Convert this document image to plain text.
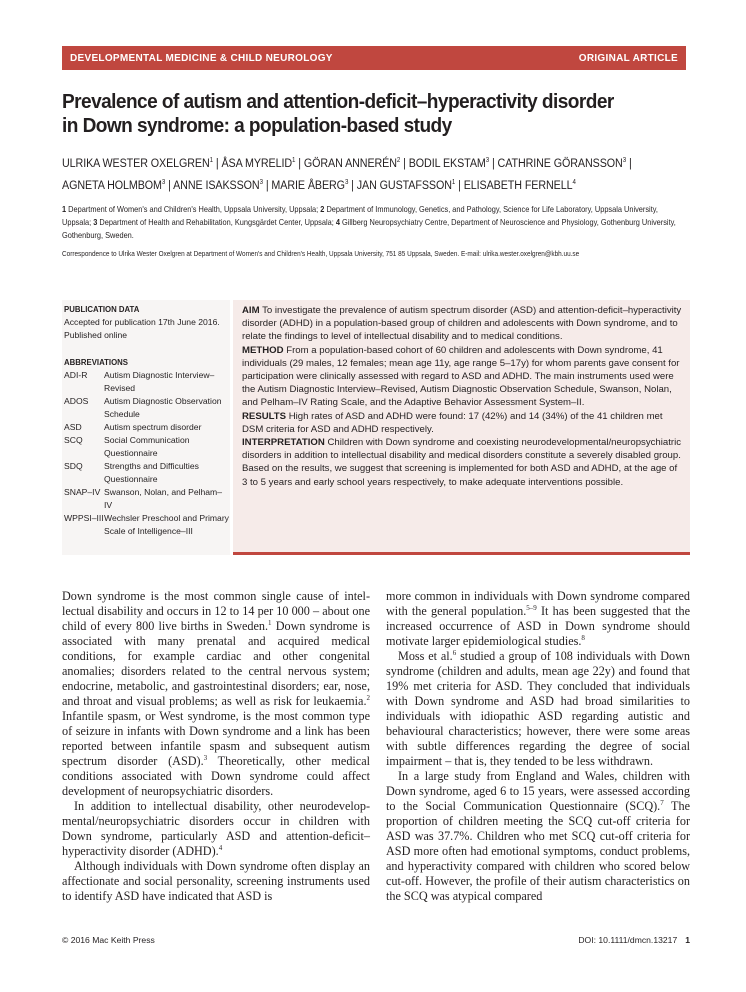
DEVELOPMENTAL MEDICINE & CHILD NEUROLOGY	ORIGINAL ARTICLE
Prevalence of autism and attention-deficit–hyperactivity disorder
in Down syndrome: a population-based study
ULRIKA WESTER OXELGREN$^1$ | ÅSA MYRELID$^1$ | GÖRAN ANNERÉN$^2$ | BODIL EKSTAM$^3$ | CATHRINE GÖRANSSON$^3$ |
AGNETA HOLMBOM$^3$ | ANNE ISAKSSON$^3$ | MARIE ÅBERG$^3$ | JAN GUSTAFSSON$^1$ | ELISABETH FERNELL$^4$
1 Department of Women's and Children's Health, Uppsala University, Uppsala; 2 Department of Immunology, Genetics, and Pathology, Science for Life Laboratory, Uppsala University, Uppsala; 3 Department of Health and Rehabilitation, Kungsgärdet Center, Uppsala; 4 Gillberg Neuropsychiatry Centre, Department of Neuroscience and Physiology, Gothenburg University, Gothenburg, Sweden.
Correspondence to Ulrika Wester Oxelgren at Department of Women's and Children's Health, Uppsala University, 751 85 Uppsala, Sweden. E-mail: ulrika.wester.oxelgren@kbh.uu.se
PUBLICATION DATA
Accepted for publication 17th June 2016.
Published online
ABBREVIATIONS
ADI-R	Autism Diagnostic Interview–Revised
ADOS	Autism Diagnostic Observation Schedule
ASD	Autism spectrum disorder
SCQ	Social Communication Questionnaire
SDQ	Strengths and Difficulties Questionnaire
SNAP–IV Swanson, Nolan, and Pelham–IV
WPPSI–III Wechsler Preschool and Primary Scale of Intelligence–III

AIM To investigate the prevalence of autism spectrum disorder (ASD) and attention-deficit–hyperactivity disorder (ADHD) in a population-based group of children and adolescents with Down syndrome, and to relate the findings to level of intellectual disability and to medical conditions.

METHOD From a population-based cohort of 60 children and adolescents with Down syndrome, 41 individuals (29 males, 12 females; mean age 11y, age range 5–17y) for whom parents gave consent for participation were clinically assessed with regard to ASD and ADHD. The main instruments used were the Autism Diagnostic Interview–Revised, Autism Diagnostic Observation Schedule, Swanson, Nolan, and Pelham–IV Rating Scale, and the Adaptive Behavior Assessment System–II.

RESULTS High rates of ASD and ADHD were found: 17 (42%) and 14 (34%) of the 41 children met DSM criteria for ASD and ADHD respectively.

INTERPRETATION Children with Down syndrome and coexisting neurodevelopmental/neuropsychiatric disorders in addition to intellectual disability and medical disorders constitute a severely disabled group. Based on the results, we suggest that screening is implemented for both ASD and ADHD, at the age of 3 to 5 years and early school years respectively, to make adequate interventions possible.

Down syndrome is the most common single cause of intellectual disability and occurs in 12 to 14 per 10 000 – about one child of every 800 live births in Sweden.$^1$ Down syndrome is associated with many prenatal and acquired medical conditions, for example cardiac and other congenital anomalies; disorders related to the central nervous system; endocrine, metabolic, and gastrointestinal disorders; ear, nose, and throat and visual problems; as well as risk for leukaemia.$^2$ Infantile spasm, or West syndrome, is the most common type of seizure in infants with Down syndrome and a link has been reported between infantile spasm and subsequent autism spectrum disorder (ASD).$^3$ Theoretically, other medical conditions associated with Down syndrome could affect development of neuropsychiatric disorders.

In addition to intellectual disability, other neurodevelopmental/neuropsychiatric disorders occur in children with Down syndrome, particularly ASD and attention-deficit–hyperactivity disorder (ADHD).$^4$

Although individuals with Down syndrome often display an affectionate and social personality, screening instruments used to identify ASD have indicated that ASD is

more common in individuals with Down syndrome compared with the general population.$^{5-9}$ It has been suggested that the increased occurrence of ASD in Down syndrome should motivate larger epidemiological studies.$^8$

Moss et al.$^6$ studied a group of 108 individuals with Down syndrome (children and adults, mean age 22y) and found that 19% met criteria for ASD. They concluded that individuals with Down syndrome and ASD had broad similarities to individuals with idiopathic ASD regarding autistic and behavioural characteristics; however, there were some areas with subtle differences regarding the degree of social impairment – that is, they tended to be less withdrawn.

In a large study from England and Wales, children with Down syndrome, aged 6 to 15 years, were assessed according to the Social Communication Questionnaire (SCQ).$^7$ The proportion of children meeting the SCQ cut-off criteria for ASD was 37.7%. Children who met SCQ cut-off criteria for ASD more often had emotional symptoms, conduct problems, and hyperactivity compared with children who scored below cut-off. However, the profile of their autism characteristics on the SCQ was atypical compared

© 2016 Mac Keith Press	DOI: 10.1111/dmcn.13217 1
